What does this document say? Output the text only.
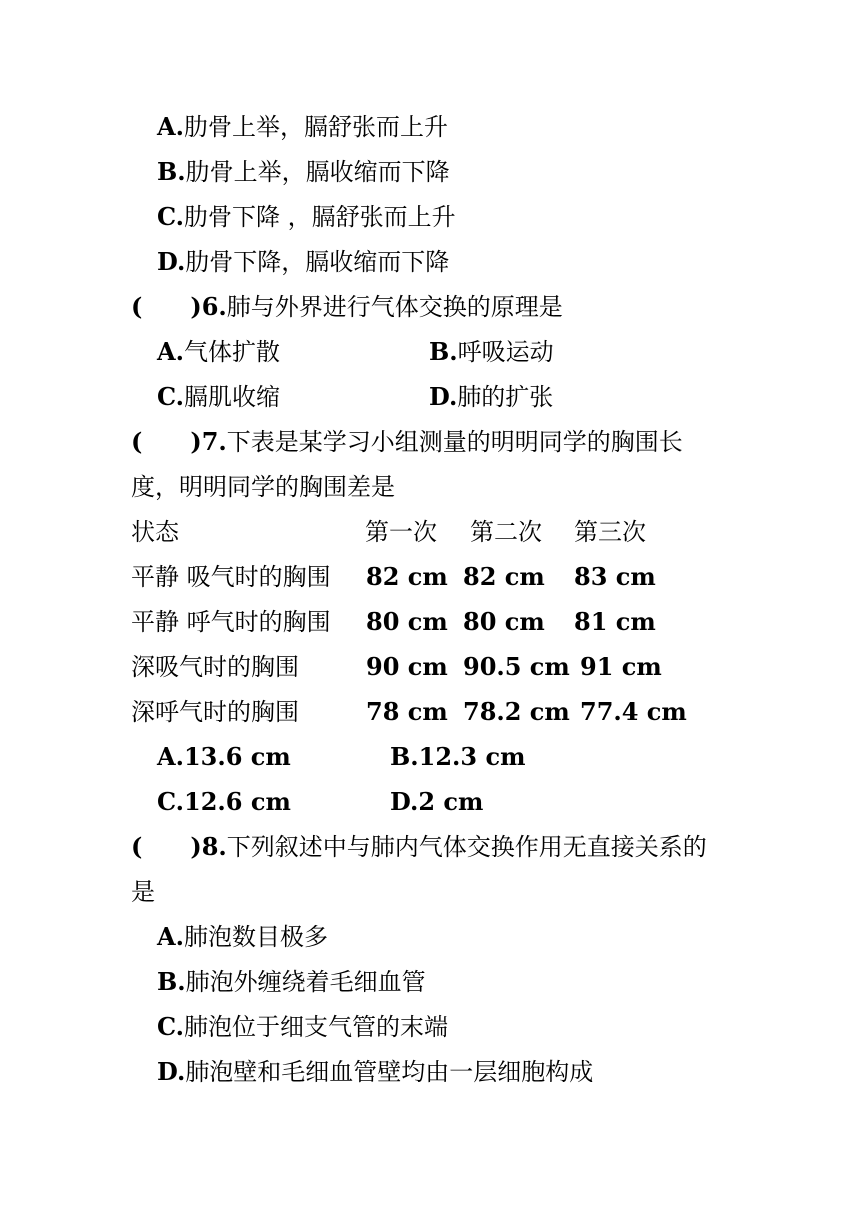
A.肋骨上举，膈舒张而上升
B.肋骨上举，膈收缩而下降
C.肋骨下降 ，膈舒张而上升
D.肋骨下降，膈收缩而下降
( )6.肺与外界进行气体交换的原理是
A.气体扩散	B.呼吸运动
C.膈肌收缩	D.肺的扩张
( )7.下表是某学习小组测量的明明同学的胸围长
度，明明同学的胸围差是
状态	第一次 第二次 第三次
平静 吸气时的胸围 82 cm 82 cm 83 cm
平静 呼气时的胸围 80 cm 80 cm 81 cm
深吸气时的胸围	90 cm 90.5 cm 91 cm
深呼气时的胸围	78 cm 78.2 cm 77.4 cm
A.13.6 cm	B.12.3 cm
C.12.6 cm	D.2 cm
( )8.下列叙述中与肺内气体交换作用无直接关系的
是
A.肺泡数目极多
B.肺泡外缠绕着毛细血管
C.肺泡位于细支气管的末端
D.肺泡壁和毛细血管壁均由一层细胞构成
